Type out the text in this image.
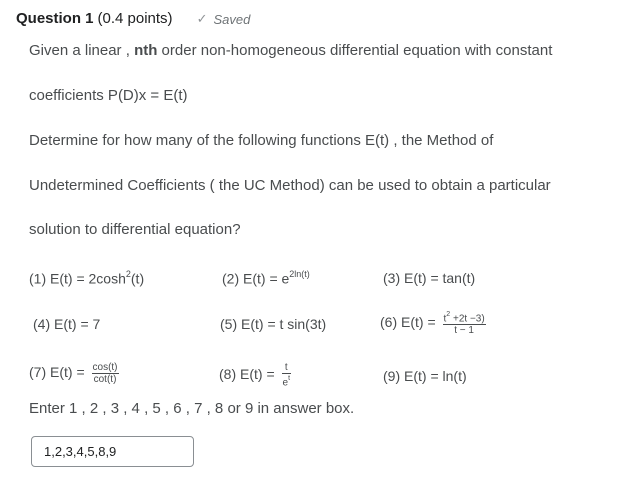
Question 1 (0.4 points) ✓ Saved
Given a linear , nth order non-homogeneous differential equation with constant
coefficients P(D)x = E(t)
Determine for how many of the following functions E(t) , the Method of
Undetermined Coefficients ( the UC Method) can be used to obtain a particular
solution to differential equation?
(1) $E(t) = 2\cosh^2(t)$	(2) $E(t) = e^{2ln(t)}$	(3) E(t) = tan(t)
(4) E(t) = 7	(5) E(t) = t sin(3t)	(6) $E(t) = \frac{t^2 +2t -3)}{t - 1}$
(7) $E(t) = \frac{\cos(t)}{\cot(t)}$	(8) $E(t) = \frac{t}{e^t}$	(9) E(t) = ln(t)
Enter 1 , 2 , 3 , 4 , 5 , 6 , 7 , 8 or 9 in answer box.
1,2,3,4,5,8,9
